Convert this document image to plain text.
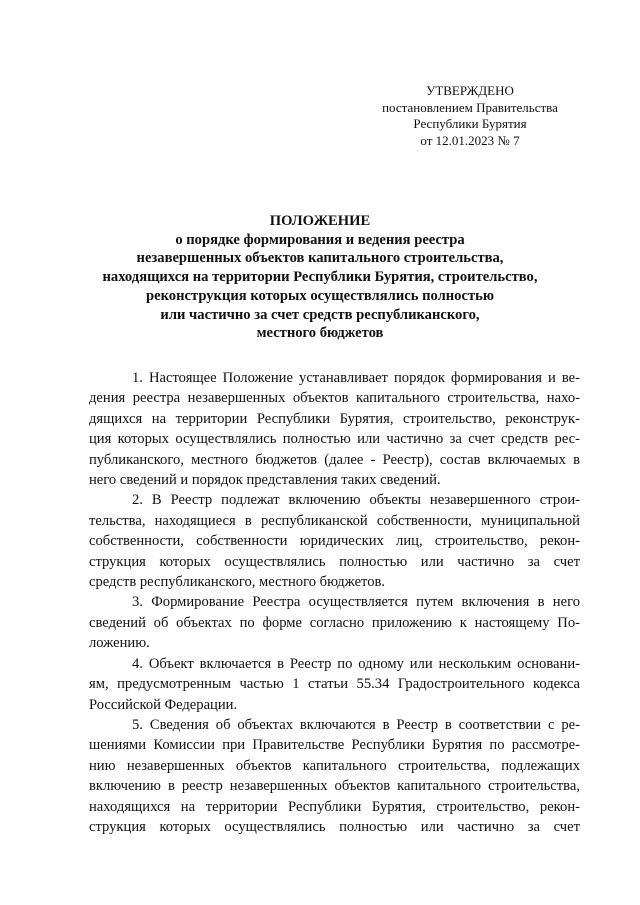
УТВЕРЖДЕНО
постановлением Правительства
Республики Бурятия
от 12.01.2023 № 7
ПОЛОЖЕНИЕ
о порядке формирования и ведения реестра
незавершенных объектов капитального строительства,
находящихся на территории Республики Бурятия, строительство,
реконструкция которых осуществлялись полностью
или частично за счет средств республиканского,
местного бюджетов
1. Настоящее Положение устанавливает порядок формирования и ве-
дения реестра незавершенных объектов капитального строительства, нахо-
дящихся на территории Республики Бурятия, строительство, реконструк-
ция которых осуществлялись полностью или частично за счет средств рес-
публиканского, местного бюджетов (далее - Реестр), состав включаемых в
него сведений и порядок представления таких сведений.
2. В Реестр подлежат включению объекты незавершенного строи-
тельства, находящиеся в республиканской собственности, муниципальной
собственности, собственности юридических лиц, строительство, рекон-
струкция которых осуществлялись полностью или частично за счет
средств республиканского, местного бюджетов.
3. Формирование Реестра осуществляется путем включения в него
сведений об объектах по форме согласно приложению к настоящему По-
ложению.
4. Объект включается в Реестр по одному или нескольким основани-
ям, предусмотренным частью 1 статьи 55.34 Градостроительного кодекса
Российской Федерации.
5. Сведения об объектах включаются в Реестр в соответствии с ре-
шениями Комиссии при Правительстве Республики Бурятия по рассмотре-
нию незавершенных объектов капитального строительства, подлежащих
включению в реестр незавершенных объектов капитального строительства,
находящихся на территории Республики Бурятия, строительство, рекон-
струкция которых осуществлялись полностью или частично за счет
